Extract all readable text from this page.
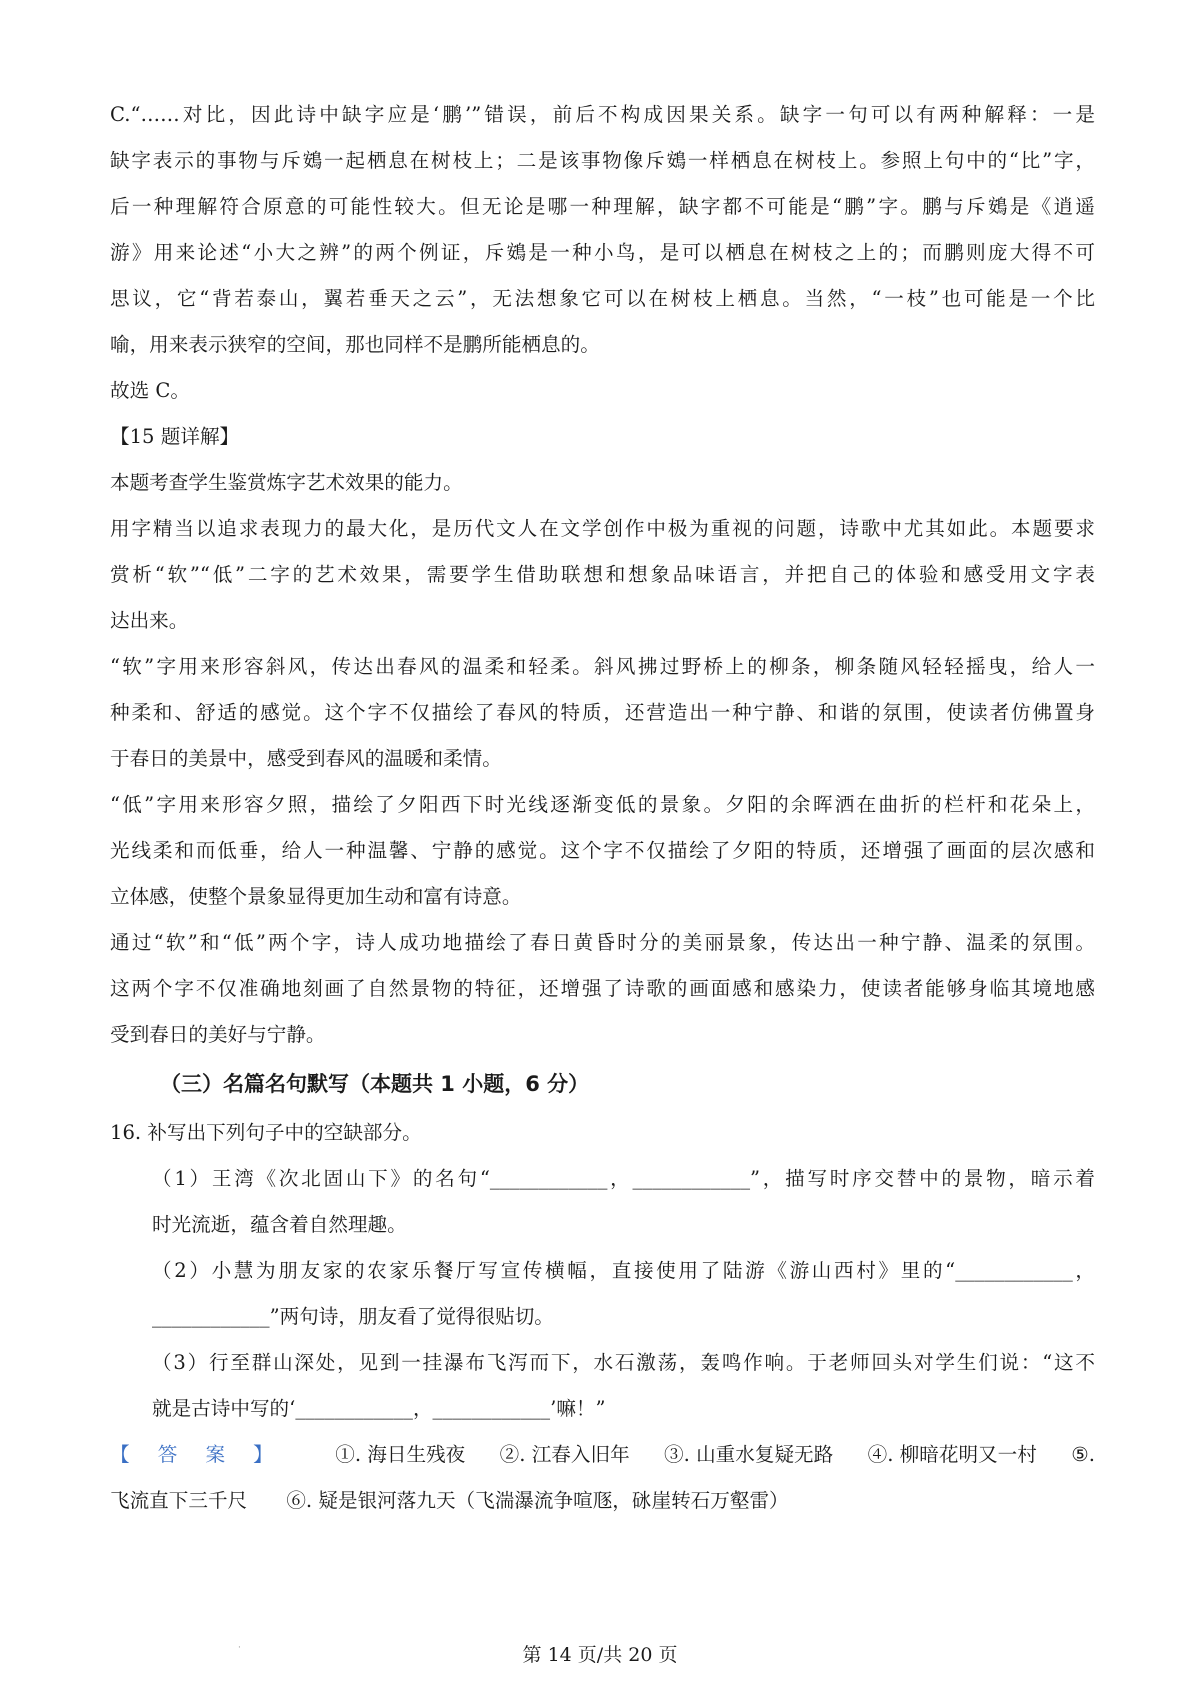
C.“……对比，因此诗中缺字应是‘鹏’”错误，前后不构成因果关系。缺字一句可以有两种解释：一是
缺字表示的事物与斥鴳一起栖息在树枝上；二是该事物像斥鴳一样栖息在树枝上。参照上句中的“比”字，
后一种理解符合原意的可能性较大。但无论是哪一种理解，缺字都不可能是“鹏”字。鹏与斥鴳是《逍遥
游》用来论述“小大之辨”的两个例证，斥鴳是一种小鸟，是可以栖息在树枝之上的；而鹏则庞大得不可
思议，它“背若泰山，翼若垂天之云”，无法想象它可以在树枝上栖息。当然，“一枝”也可能是一个比
喻，用来表示狭窄的空间，那也同样不是鹏所能栖息的。
故选 C。
【15 题详解】
本题考查学生鉴赏炼字艺术效果的能力。
用字精当以追求表现力的最大化，是历代文人在文学创作中极为重视的问题，诗歌中尤其如此。本题要求
赏析“软”“低”二字的艺术效果，需要学生借助联想和想象品味语言，并把自己的体验和感受用文字表
达出来。
“软”字用来形容斜风，传达出春风的温柔和轻柔。斜风拂过野桥上的柳条，柳条随风轻轻摇曳，给人一
种柔和、舒适的感觉。这个字不仅描绘了春风的特质，还营造出一种宁静、和谐的氛围，使读者仿佛置身
于春日的美景中，感受到春风的温暖和柔情。
“低”字用来形容夕照，描绘了夕阳西下时光线逐渐变低的景象。夕阳的余晖洒在曲折的栏杆和花朵上，
光线柔和而低垂，给人一种温馨、宁静的感觉。这个字不仅描绘了夕阳的特质，还增强了画面的层次感和
立体感，使整个景象显得更加生动和富有诗意。
通过“软”和“低”两个字，诗人成功地描绘了春日黄昏时分的美丽景象，传达出一种宁静、温柔的氛围。
这两个字不仅准确地刻画了自然景物的特征，还增强了诗歌的画面感和感染力，使读者能够身临其境地感
受到春日的美好与宁静。
（三）名篇名句默写（本题共 1 小题，6 分）
16. 补写出下列句子中的空缺部分。
（1）王湾《次北固山下》的名句“____________，____________”，描写时序交替中的景物，暗示着
时光流逝，蕴含着自然理趣。
（2）小慧为朋友家的农家乐餐厅写宣传横幅，直接使用了陆游《游山西村》里的“____________，
____________”两句诗，朋友看了觉得很贴切。
（3）行至群山深处，见到一挂瀑布飞泻而下，水石激荡，轰鸣作响。于老师回头对学生们说：“这不
就是古诗中写的‘____________，____________’嘛！”
【答案】 ①. 海日生残夜 ②. 江春入旧年 ③. 山重水复疑无路 ④. 柳暗花明又一村 ⑤.
飞流直下三千尺　　⑥. 疑是银河落九天（飞湍瀑流争喧豗，砯崖转石万壑雷）
·	第 14 页/共 20 页
